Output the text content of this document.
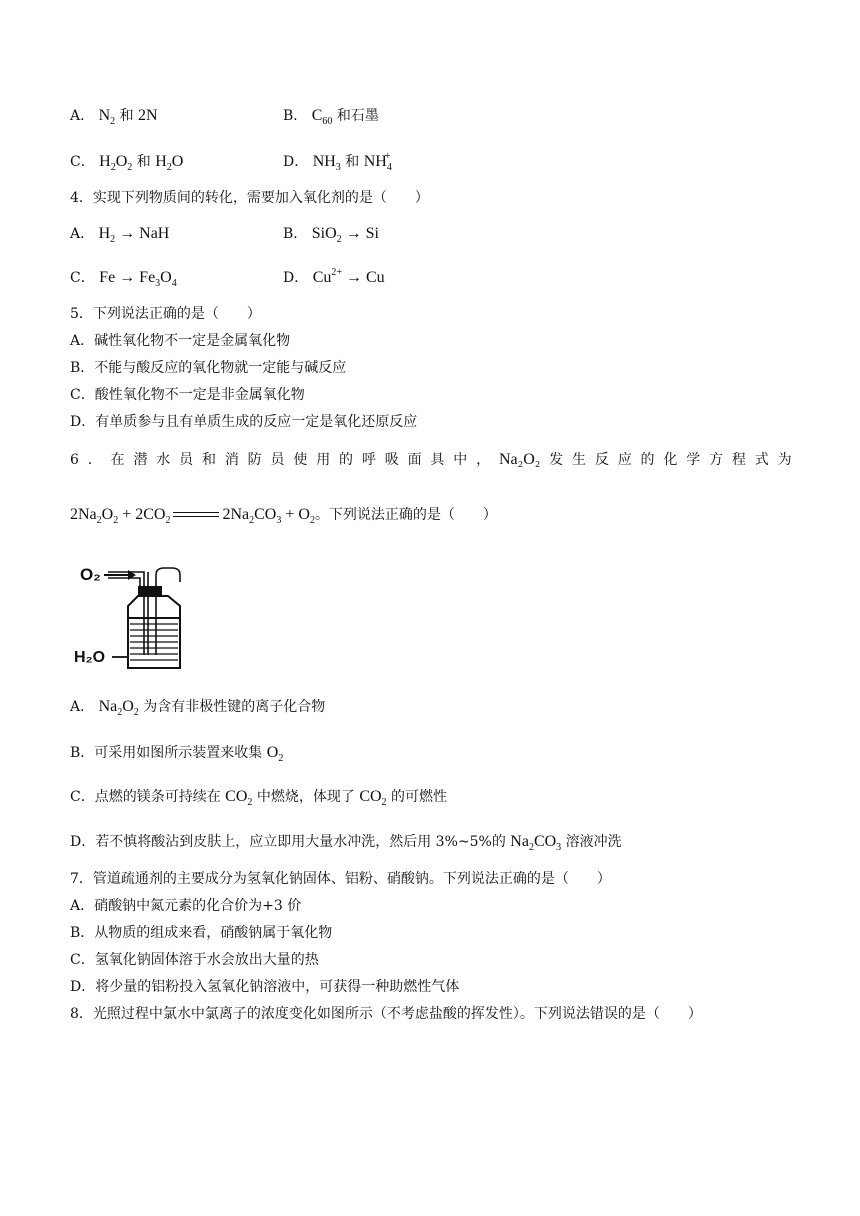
A． $N_2$ 和 2N	B． $C_{60}$ 和石墨
C． $H_2O_2$ 和 $H_2O$	D． $NH_3$ 和 $NH_4^+$
4．实现下列物质间的转化，需要加入氧化剂的是（　　）
A． $H_2$ → NaH	B． SiO$_2$ → Si
C． $Fe \to Fe_3O_4$	D． $Cu^{2+} \to Cu$
5．下列说法正确的是（　　）
A．碱性氧化物不一定是金属氧化物
B．不能与酸反应的氧化物就一定能与碱反应
C．酸性氧化物不一定是非金属氧化物
D．有单质参与且有单质生成的反应一定是氧化还原反应
6 ． 在 潜 水 员 和 消 防 员 使 用 的 呼 吸 面 具 中 ， Na₂O₂ 发 生 反 应 的 化 学 方 程 式 为
$2Na_2O_2 + 2CO_2$	$2Na_2CO_3 + O_2$。下列说法正确的是（　　）
O₂
H₂O
A． $Na_2O_2$ 为含有非极性键的离子化合物
B．可采用如图所示装置来收集 $O_2$
C．点燃的镁条可持续在 $CO_2$ 中燃烧，体现了 $CO_2$ 的可燃性
D．若不慎将酸沾到皮肤上，应立即用大量水冲洗，然后用 3%~5%的 $Na_2CO_3$ 溶液冲洗
7．管道疏通剂的主要成分为氢氧化钠固体、铝粉、硝酸钠。下列说法正确的是（　　）
A．硝酸钠中氮元素的化合价为+3 价
B．从物质的组成来看，硝酸钠属于氧化物
C．氢氧化钠固体溶于水会放出大量的热
D．将少量的铝粉投入氢氧化钠溶液中，可获得一种助燃性气体
8．光照过程中氯水中氯离子的浓度变化如图所示（不考虑盐酸的挥发性）。下列说法错误的是（　　）
